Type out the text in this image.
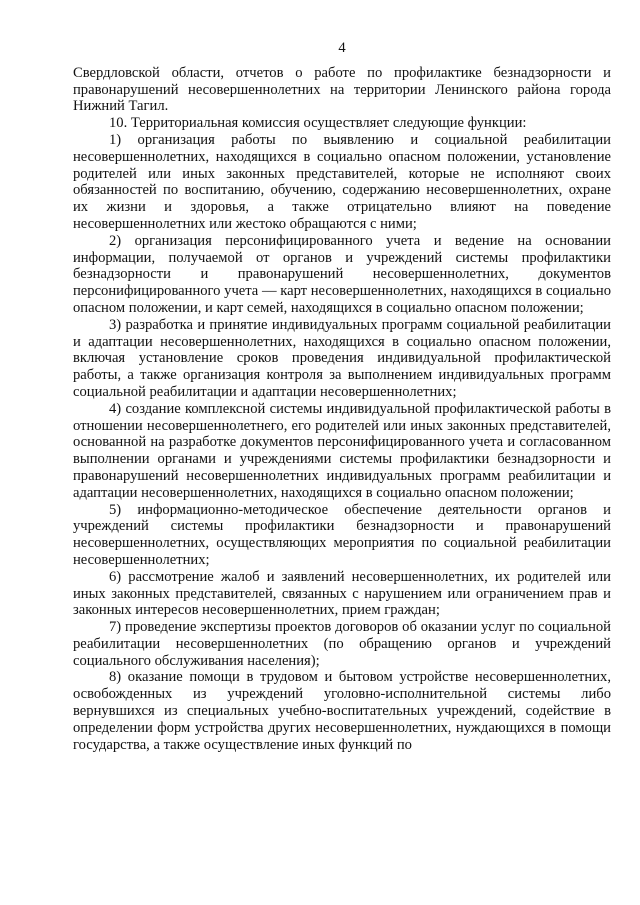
4

Свердловской области, отчетов о работе по профилактике безнадзорности и правонарушений несовершеннолетних на территории Ленинского района города Нижний Тагил.

10. Территориальная комиссия осуществляет следующие функции:

1) организация работы по выявлению и социальной реабилитации несовершеннолетних, находящихся в социально опасном положении, установление родителей или иных законных представителей, которые не исполняют своих обязанностей по воспитанию, обучению, содержанию несовершеннолетних, охране их жизни и здоровья, а также отрицательно влияют на поведение несовершеннолетних или жестоко обращаются с ними;

2) организация персонифицированного учета и ведение на основании информации, получаемой от органов и учреждений системы профилактики безнадзорности и правонарушений несовершеннолетних, документов персонифицированного учета — карт несовершеннолетних, находящихся в социально опасном положении, и карт семей, находящихся в социально опасном положении;

3) разработка и принятие индивидуальных программ социальной реабилитации и адаптации несовершеннолетних, находящихся в социально опасном положении, включая установление сроков проведения индивидуальной профилактической работы, а также организация контроля за выполнением индивидуальных программ социальной реабилитации и адаптации несовершеннолетних;

4) создание комплексной системы индивидуальной профилактической работы в отношении несовершеннолетнего, его родителей или иных законных представителей, основанной на разработке документов персонифицированного учета и согласованном выполнении органами и учреждениями системы профилактики безнадзорности и правонарушений несовершеннолетних индивидуальных программ реабилитации и адаптации несовершеннолетних, находящихся в социально опасном положении;

5) информационно-методическое обеспечение деятельности органов и учреждений системы профилактики безнадзорности и правонарушений несовершеннолетних, осуществляющих мероприятия по социальной реабилитации несовершеннолетних;

6) рассмотрение жалоб и заявлений несовершеннолетних, их родителей или иных законных представителей, связанных с нарушением или ограничением прав и законных интересов несовершеннолетних, прием граждан;

7) проведение экспертизы проектов договоров об оказании услуг по социальной реабилитации несовершеннолетних (по обращению органов и учреждений социального обслуживания населения);

8) оказание помощи в трудовом и бытовом устройстве несовершеннолетних, освобожденных из учреждений уголовно-исполнительной системы либо вернувшихся из специальных учебно-воспитательных учреждений, содействие в определении форм устройства других несовершеннолетних, нуждающихся в помощи государства, а также осуществление иных функций по
